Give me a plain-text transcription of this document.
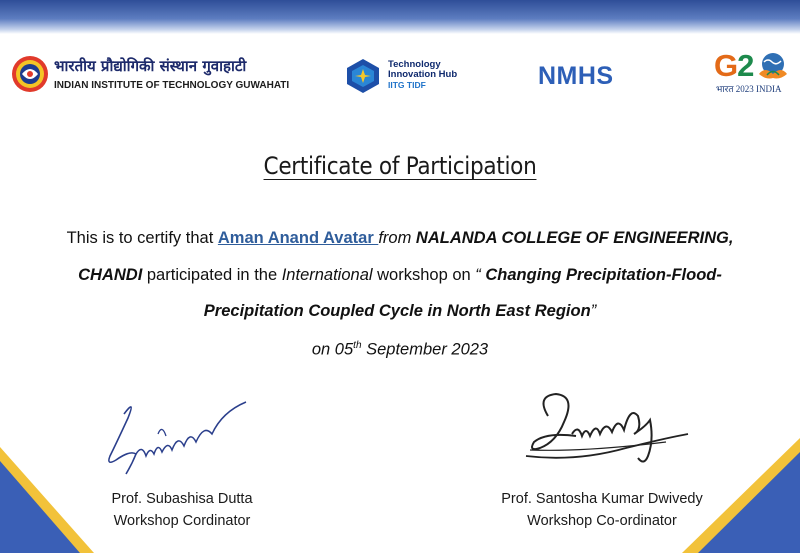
भारतीय प्रौद्योगिकी संस्थान गुवाहाटी
INDIAN INSTITUTE OF TECHNOLOGY GUWAHATI
Technology
Innovation Hub
IITG TIDF	NMHS	G2
भारत 2023 INDIA
Certificate of Participation
This is to certify that Aman Anand Avatar from NALANDA COLLEGE OF ENGINEERING,
CHANDI participated in the International workshop on “ Changing Precipitation-Flood-
Precipitation Coupled Cycle in North East Region”
on 05th September 2023
Prof. Subashisa Dutta
Workshop Cordinator
Prof. Santosha Kumar Dwivedy
Workshop Co-ordinator
